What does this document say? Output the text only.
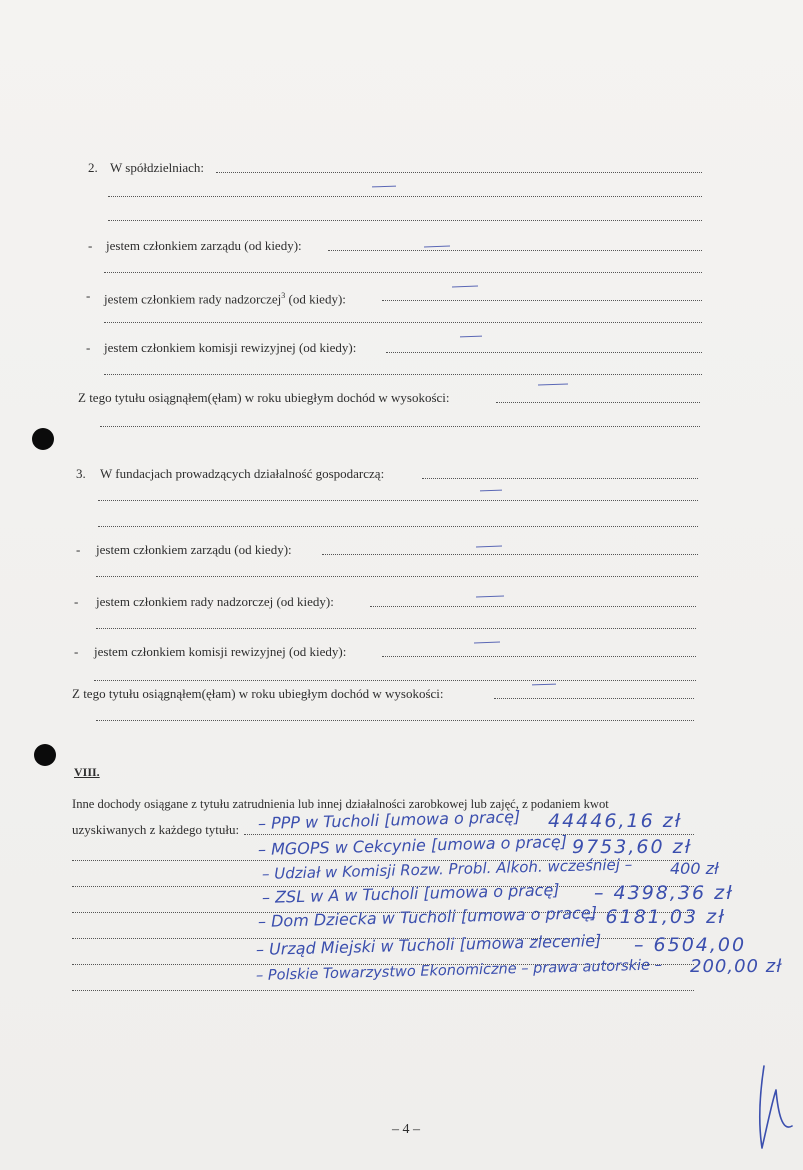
2. W spółdzielniach:
- jestem członkiem zarządu (od kiedy):
- jestem członkiem rady nadzorczej$^3$ (od kiedy):
- jestem członkiem komisji rewizyjnej (od kiedy):
Z tego tytułu osiągnąłem(ęłam) w roku ubiegłym dochód w wysokości:
3. W fundacjach prowadzących działalność gospodarczą:
- jestem członkiem zarządu (od kiedy):
- jestem członkiem rady nadzorczej (od kiedy):
- jestem członkiem komisji rewizyjnej (od kiedy):
Z tego tytułu osiągnąłem(ęłam) w roku ubiegłym dochód w wysokości:
VIII.
Inne dochody osiągane z tytułu zatrudnienia lub innej działalności zarobkowej lub zajęć, z podaniem kwot
uzyskiwanych z każdego tytułu: – PPP w Tucholi [umowa o pracę] 44446,16 zł
– MGOPS w Cekcynie [umowa o pracę] 9753,60 zł
– Udział w Komisji Rozw. Probl. Alkoh. wcześniej – 400 zł
– ZSL w A w Tucholi [umowa o pracę] – 4398,36 zł
– Dom Dziecka w Tucholi [umowa o pracę]
– 6181,03 zł
– Urząd Miejski w Tucholi [umowa zlecenie] – 6504,00
– Polskie Towarzystwo Ekonomiczne – prawa autorskie – 200,00 zł
– 4 –
